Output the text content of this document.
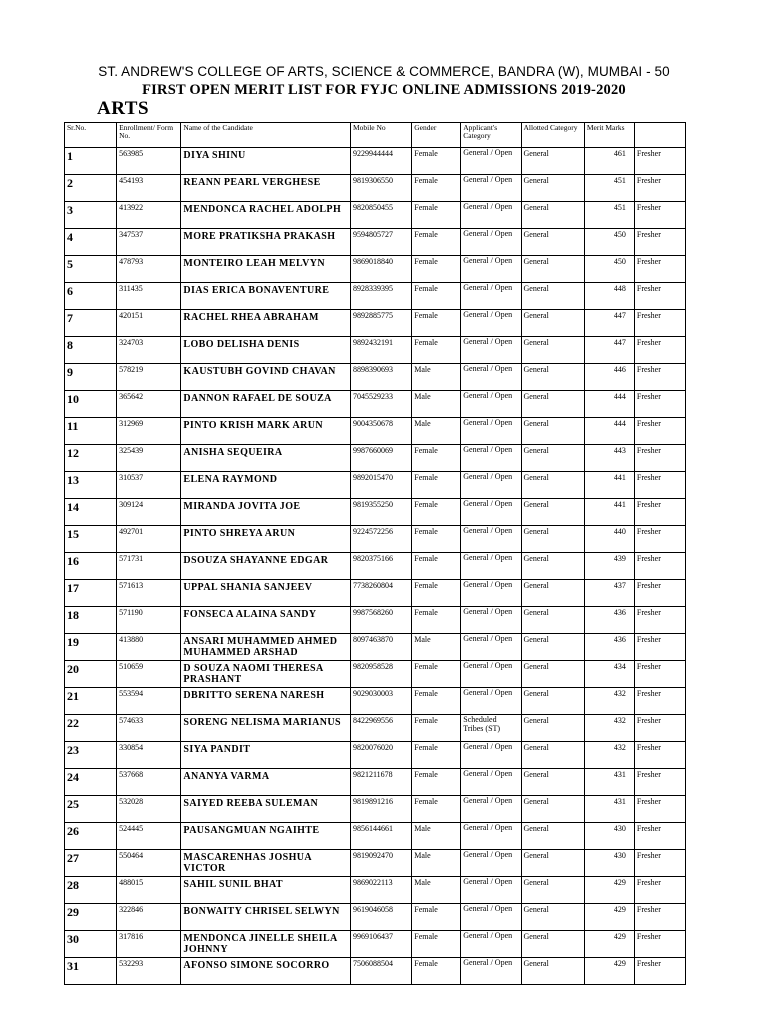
ST. ANDREW'S COLLEGE OF ARTS, SCIENCE & COMMERCE, BANDRA (W), MUMBAI - 50
FIRST OPEN MERIT LIST FOR FYJC ONLINE ADMISSIONS 2019-2020
ARTS
Sr.No.	Enrollment/ Form No.	Name of the Candidate	Mobile No	Gender	Applicant's Category	Allotted Category	Merit Marks	
1	563985	DIYA SHINU	9229944444	Female	General / Open	General	461	Fresher
2	454193	REANN PEARL VERGHESE	9819306550	Female	General / Open	General	451	Fresher
3	413922	MENDONCA RACHEL ADOLPH	9820850455	Female	General / Open	General	451	Fresher
4	347537	MORE PRATIKSHA PRAKASH	9594805727	Female	General / Open	General	450	Fresher
5	478793	MONTEIRO LEAH MELVYN	9869018840	Female	General / Open	General	450	Fresher
6	311435	DIAS ERICA BONAVENTURE	8928339395	Female	General / Open	General	448	Fresher
7	420151	RACHEL RHEA ABRAHAM	9892885775	Female	General / Open	General	447	Fresher
8	324703	LOBO DELISHA DENIS	9892432191	Female	General / Open	General	447	Fresher
9	578219	KAUSTUBH GOVIND CHAVAN	8898390693	Male	General / Open	General	446	Fresher
10	365642	DANNON RAFAEL DE SOUZA	7045529233	Male	General / Open	General	444	Fresher
11	312969	PINTO KRISH MARK ARUN	9004350678	Male	General / Open	General	444	Fresher
12	325439	ANISHA SEQUEIRA	9987660069	Female	General / Open	General	443	Fresher
13	310537	ELENA RAYMOND	9892015470	Female	General / Open	General	441	Fresher
14	309124	MIRANDA JOVITA JOE	9819355250	Female	General / Open	General	441	Fresher
15	492701	PINTO SHREYA ARUN	9224572256	Female	General / Open	General	440	Fresher
16	571731	DSOUZA SHAYANNE EDGAR	9820375166	Female	General / Open	General	439	Fresher
17	571613	UPPAL SHANIA SANJEEV	7738260804	Female	General / Open	General	437	Fresher
18	571190	FONSECA ALAINA SANDY	9987568260	Female	General / Open	General	436	Fresher
19	413880	ANSARI MUHAMMED AHMED MUHAMMED ARSHAD	8097463870	Male	General / Open	General	436	Fresher
20	510659	D SOUZA NAOMI THERESA PRASHANT	9820958528	Female	General / Open	General	434	Fresher
21	553594	DBRITTO SERENA NARESH	9029030003	Female	General / Open	General	432	Fresher
22	574633	SORENG NELISMA MARIANUS	8422969556	Female	Scheduled Tribes (ST)	General	432	Fresher
23	330854	SIYA PANDIT	9820076020	Female	General / Open	General	432	Fresher
24	537668	ANANYA VARMA	9821211678	Female	General / Open	General	431	Fresher
25	532028	SAIYED REEBA SULEMAN	9819891216	Female	General / Open	General	431	Fresher
26	524445	PAUSANGMUAN NGAIHTE	9856144661	Male	General / Open	General	430	Fresher
27	550464	MASCARENHAS JOSHUA VICTOR	9819092470	Male	General / Open	General	430	Fresher
28	488015	SAHIL SUNIL BHAT	9869022113	Male	General / Open	General	429	Fresher
29	322846	BONWAITY CHRISEL SELWYN	9619046058	Female	General / Open	General	429	Fresher
30	317816	MENDONCA JINELLE SHEILA JOHNNY	9969106437	Female	General / Open	General	429	Fresher
31	532293	AFONSO SIMONE SOCORRO	7506088504	Female	General / Open	General	429	Fresher
